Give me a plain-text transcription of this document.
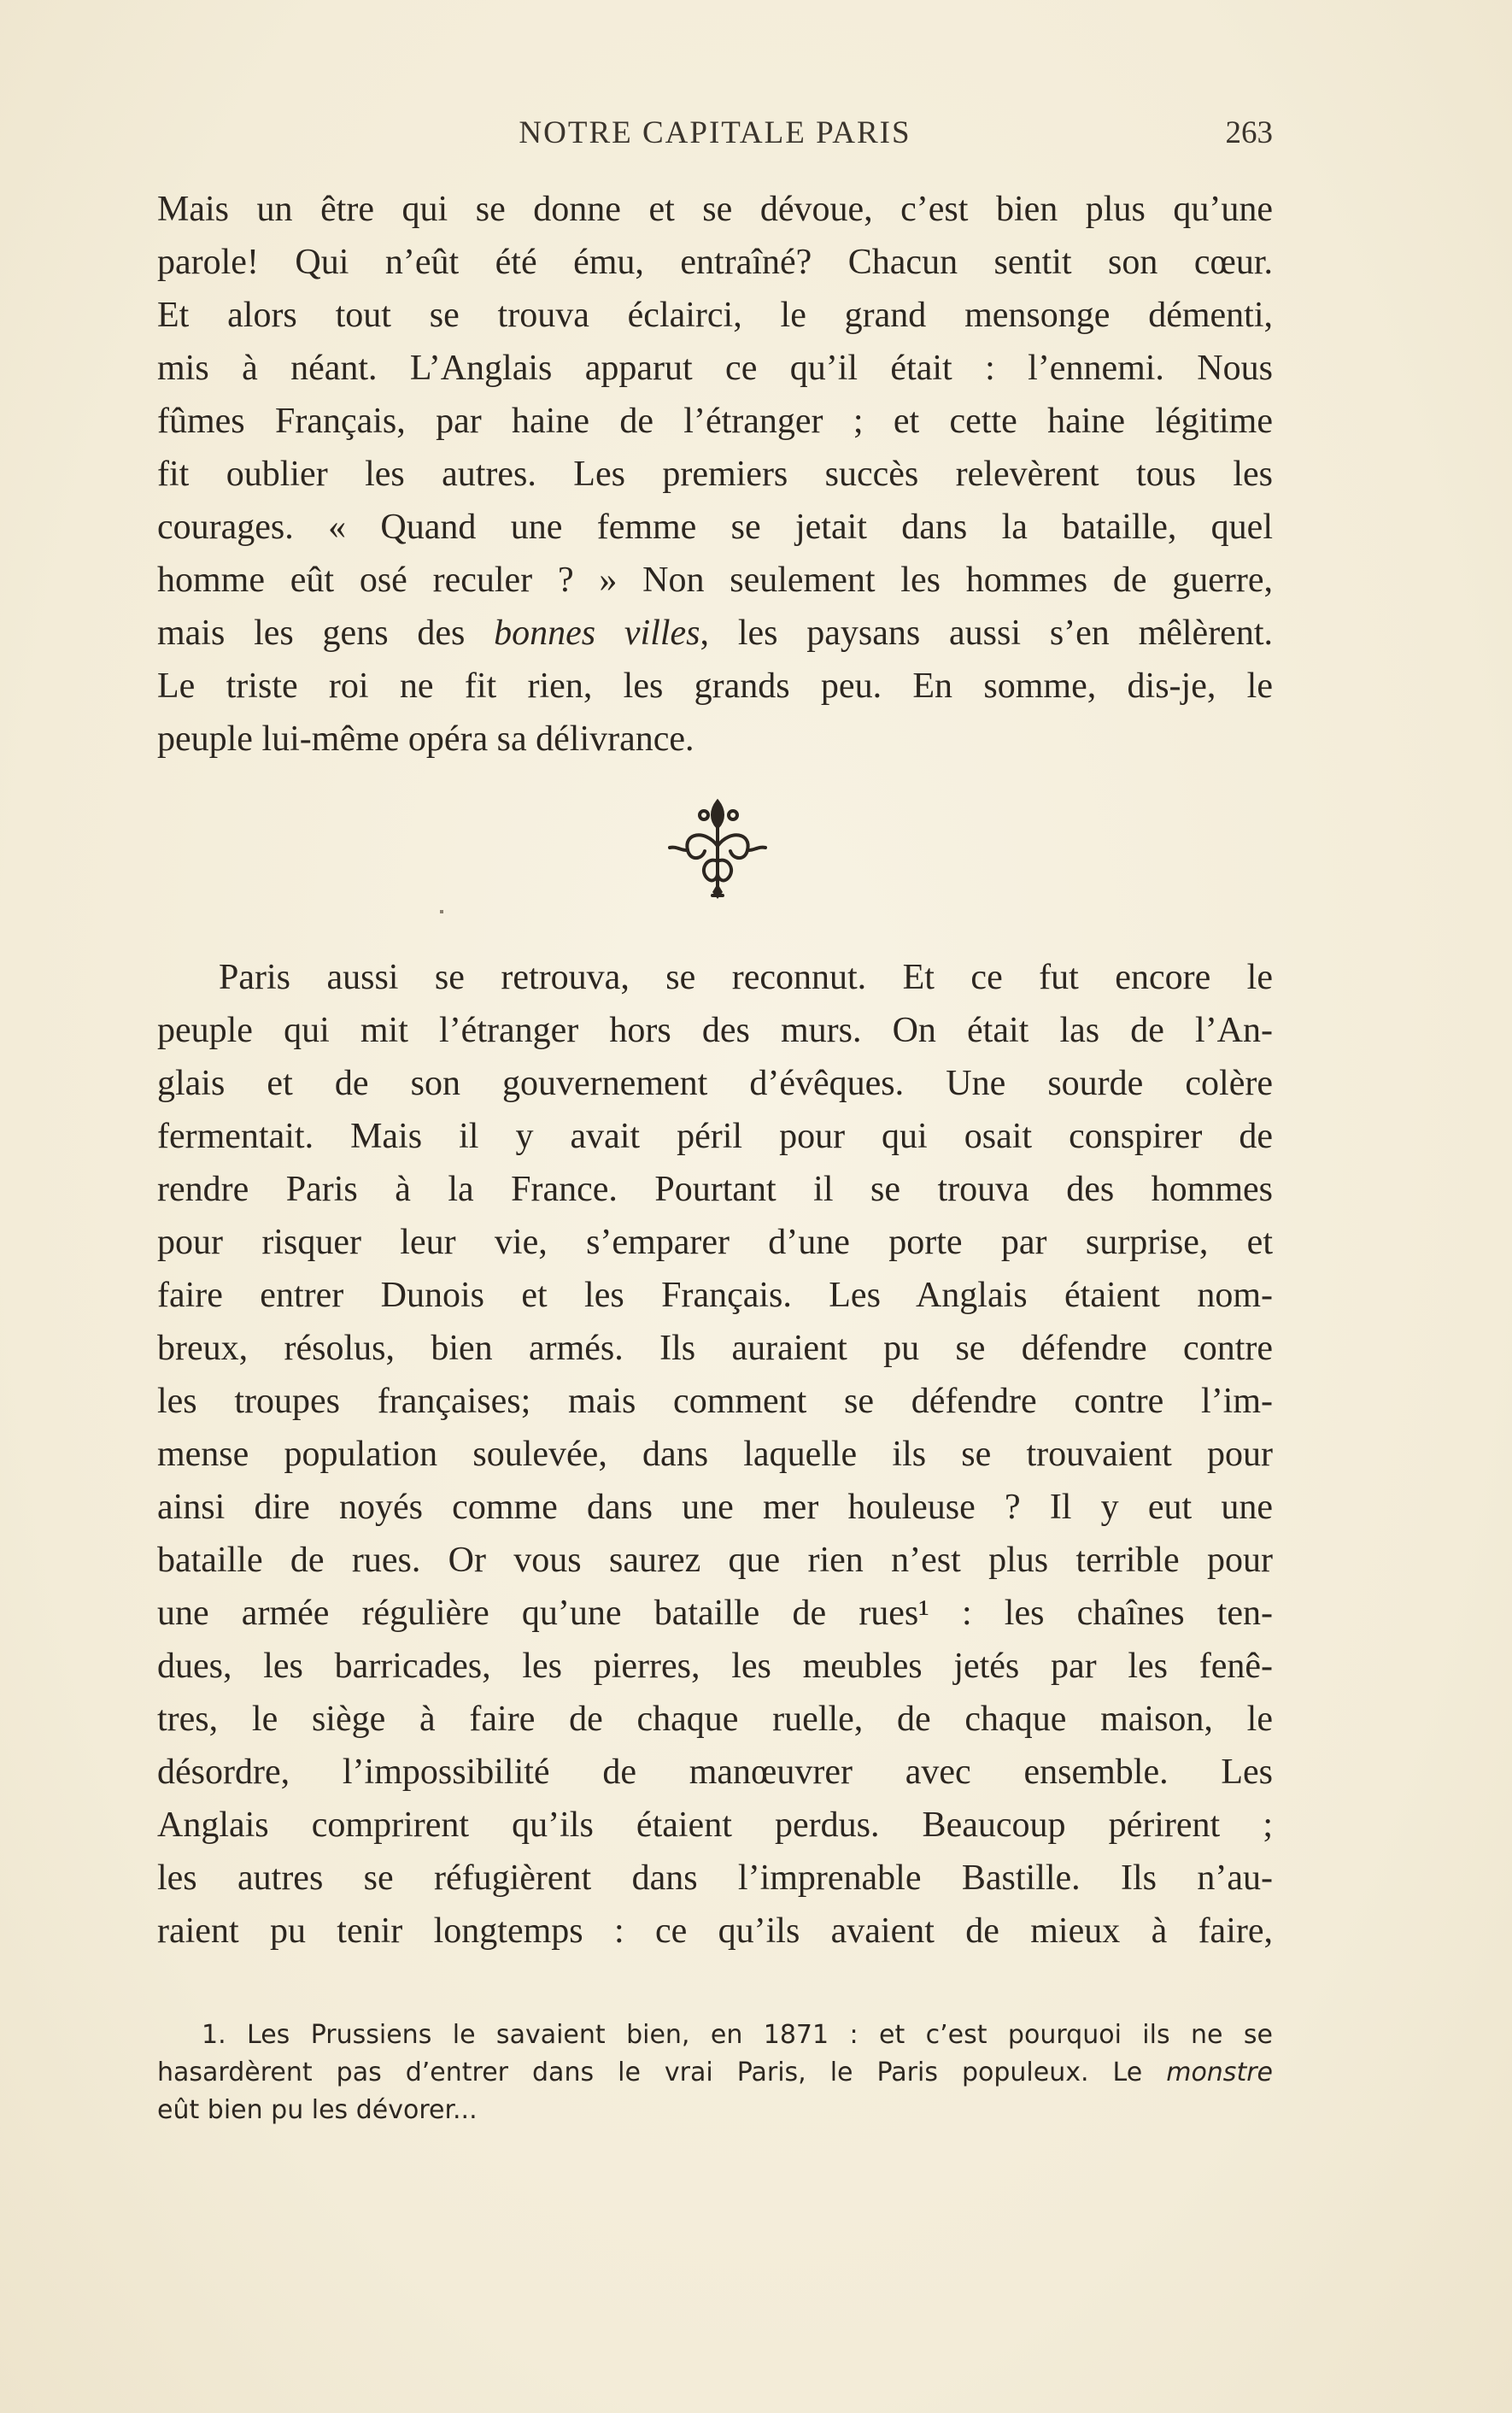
NOTRE CAPITALE PARIS	263
Mais un être qui se donne et se dévoue, c’est bien plus qu’une
parole! Qui n’eût été ému, entraîné? Chacun sentit son cœur.
Et alors tout se trouva éclairci, le grand mensonge démenti,
mis à néant. L’Anglais apparut ce qu’il était : l’ennemi. Nous
fûmes Français, par haine de l’étranger ; et cette haine légitime
fit oublier les autres. Les premiers succès relevèrent tous les
courages. « Quand une femme se jetait dans la bataille, quel
homme eût osé reculer ? » Non seulement les hommes de guerre,
mais les gens des bonnes villes, les paysans aussi s’en mêlèrent.
Le triste roi ne fit rien, les grands peu. En somme, dis-je, le
peuple lui-même opéra sa délivrance.
Paris aussi se retrouva, se reconnut. Et ce fut encore le
peuple qui mit l’étranger hors des murs. On était las de l’An-
glais et de son gouvernement d’évêques. Une sourde colère
fermentait. Mais il y avait péril pour qui osait conspirer de
rendre Paris à la France. Pourtant il se trouva des hommes
pour risquer leur vie, s’emparer d’une porte par surprise, et
faire entrer Dunois et les Français. Les Anglais étaient nom-
breux, résolus, bien armés. Ils auraient pu se défendre contre
les troupes françaises; mais comment se défendre contre l’im-
mense population soulevée, dans laquelle ils se trouvaient pour
ainsi dire noyés comme dans une mer houleuse ? Il y eut une
bataille de rues. Or vous saurez que rien n’est plus terrible pour
une armée régulière qu’une bataille de rues¹ : les chaînes ten-
dues, les barricades, les pierres, les meubles jetés par les fenê-
tres, le siège à faire de chaque ruelle, de chaque maison, le
désordre, l’impossibilité de manœuvrer avec ensemble. Les
Anglais comprirent qu’ils étaient perdus. Beaucoup périrent ;
les autres se réfugièrent dans l’imprenable Bastille. Ils n’au-
raient pu tenir longtemps : ce qu’ils avaient de mieux à faire,
1. Les Prussiens le savaient bien, en 1871 : et c’est pourquoi ils ne se
hasardèrent pas d’entrer dans le vrai Paris, le Paris populeux. Le monstre
eût bien pu les dévorer...
